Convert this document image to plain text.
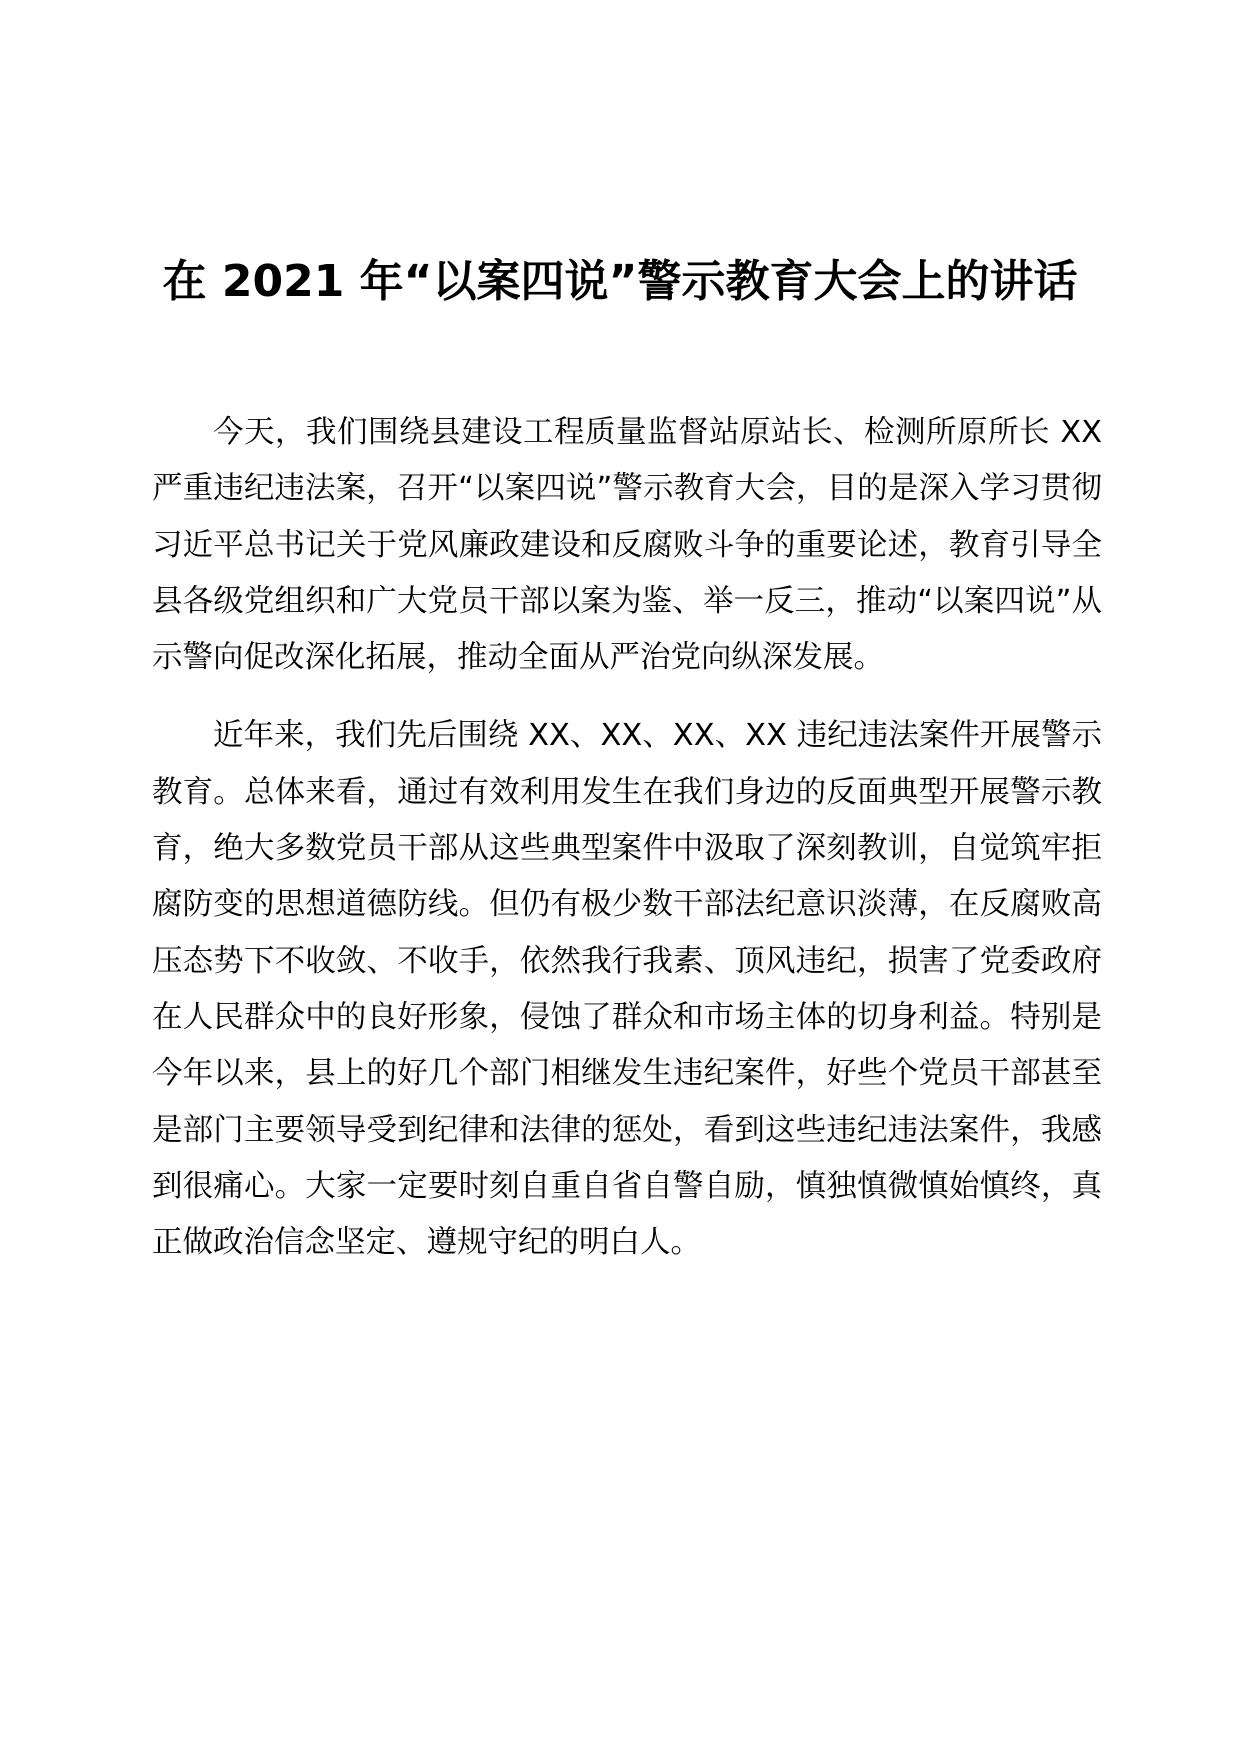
在 2021 年“以案四说”警示教育大会上的讲话

今天，我们围绕县建设工程质量监督站原站长、检测所原所长 XX 严重违纪违法案，召开“以案四说”警示教育大会，目的是深入学习贯彻习近平总书记关于党风廉政建设和反腐败斗争的重要论述，教育引导全县各级党组织和广大党员干部以案为鉴、举一反三，推动“以案四说”从示警向促改深化拓展，推动全面从严治党向纵深发展。

近年来，我们先后围绕 XX、XX、XX、XX 违纪违法案件开展警示教育。总体来看，通过有效利用发生在我们身边的反面典型开展警示教育，绝大多数党员干部从这些典型案件中汲取了深刻教训，自觉筑牢拒腐防变的思想道德防线。但仍有极少数干部法纪意识淡薄，在反腐败高压态势下不收敛、不收手，依然我行我素、顶风违纪，损害了党委政府在人民群众中的良好形象，侵蚀了群众和市场主体的切身利益。特别是今年以来，县上的好几个部门相继发生违纪案件，好些个党员干部甚至是部门主要领导受到纪律和法律的惩处，看到这些违纪违法案件，我感到很痛心。大家一定要时刻自重自省自警自励，慎独慎微慎始慎终，真正做政治信念坚定、遵规守纪的明白人。
